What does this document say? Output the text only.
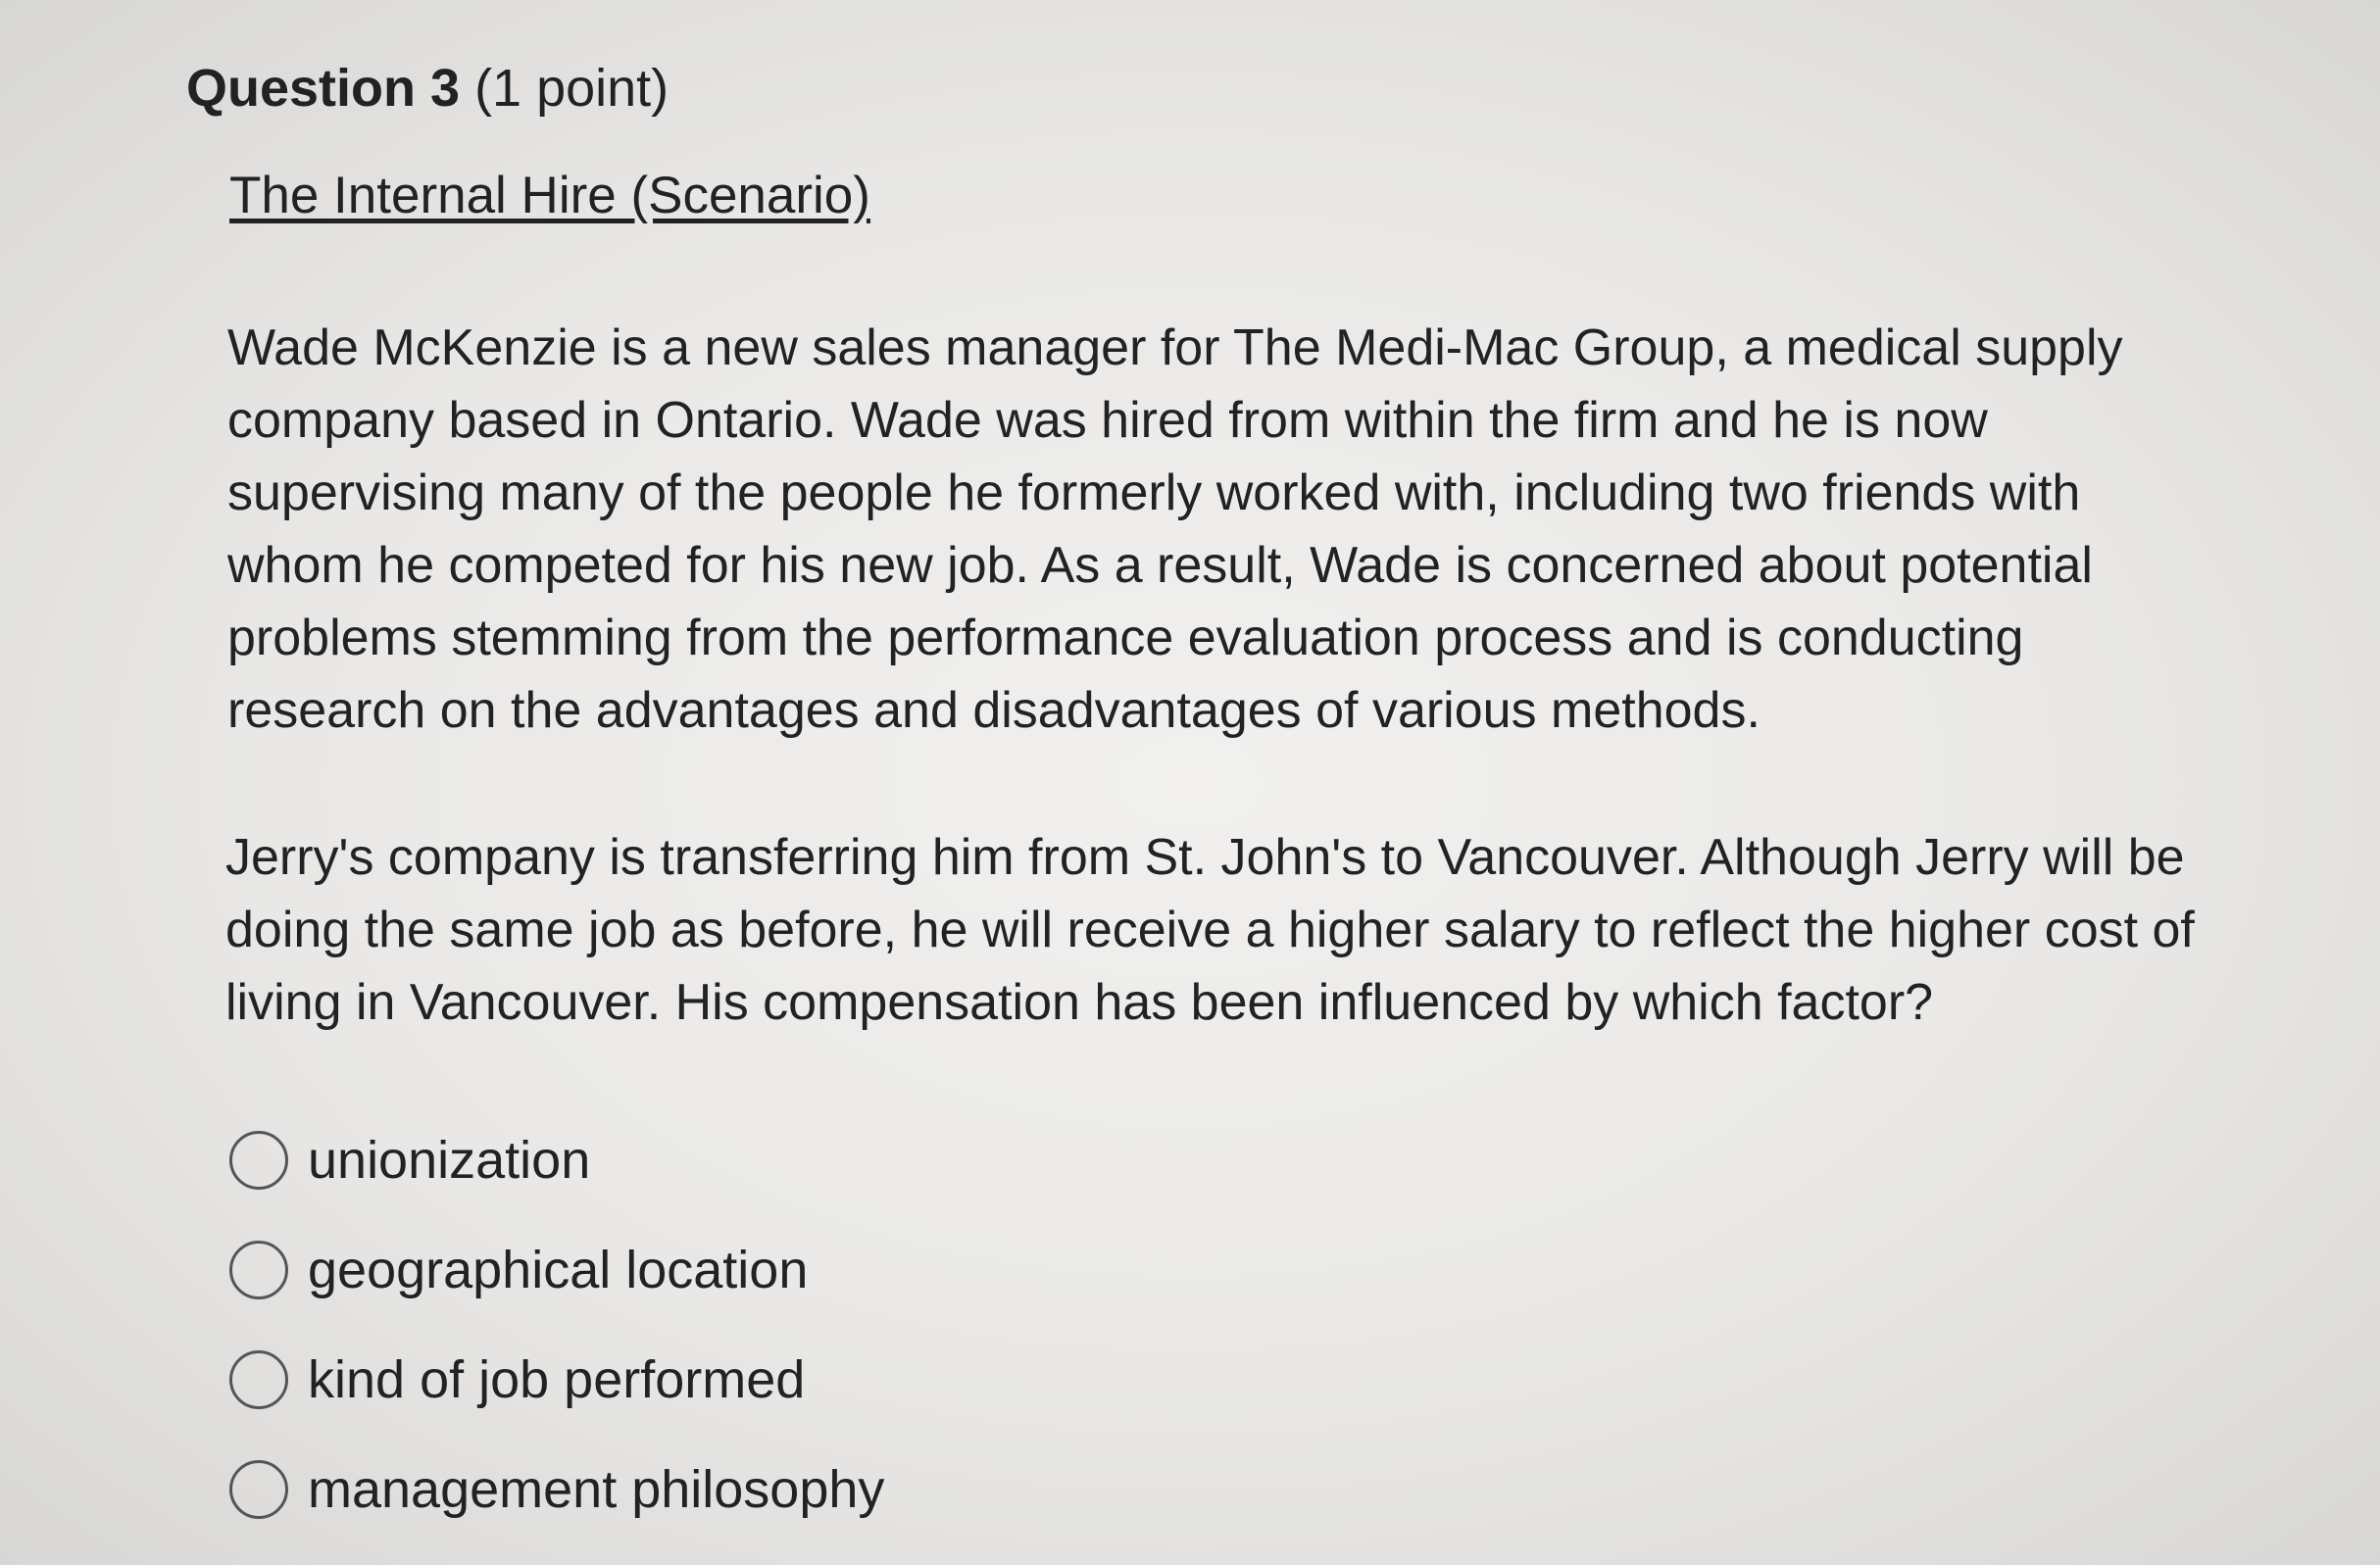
Question 3 (1 point)
The Internal Hire (Scenario)

Wade McKenzie is a new sales manager for The Medi-Mac Group, a medical supply company based in Ontario. Wade was hired from within the firm and he is now supervising many of the people he formerly worked with, including two friends with whom he competed for his new job. As a result, Wade is concerned about potential problems stemming from the performance evaluation process and is conducting research on the advantages and disadvantages of various methods.

Jerry's company is transferring him from St. John's to Vancouver. Although Jerry will be doing the same job as before, he will receive a higher salary to reflect the higher cost of living in Vancouver. His compensation has been influenced by which factor?

unionization
geographical location
kind of job performed
management philosophy
